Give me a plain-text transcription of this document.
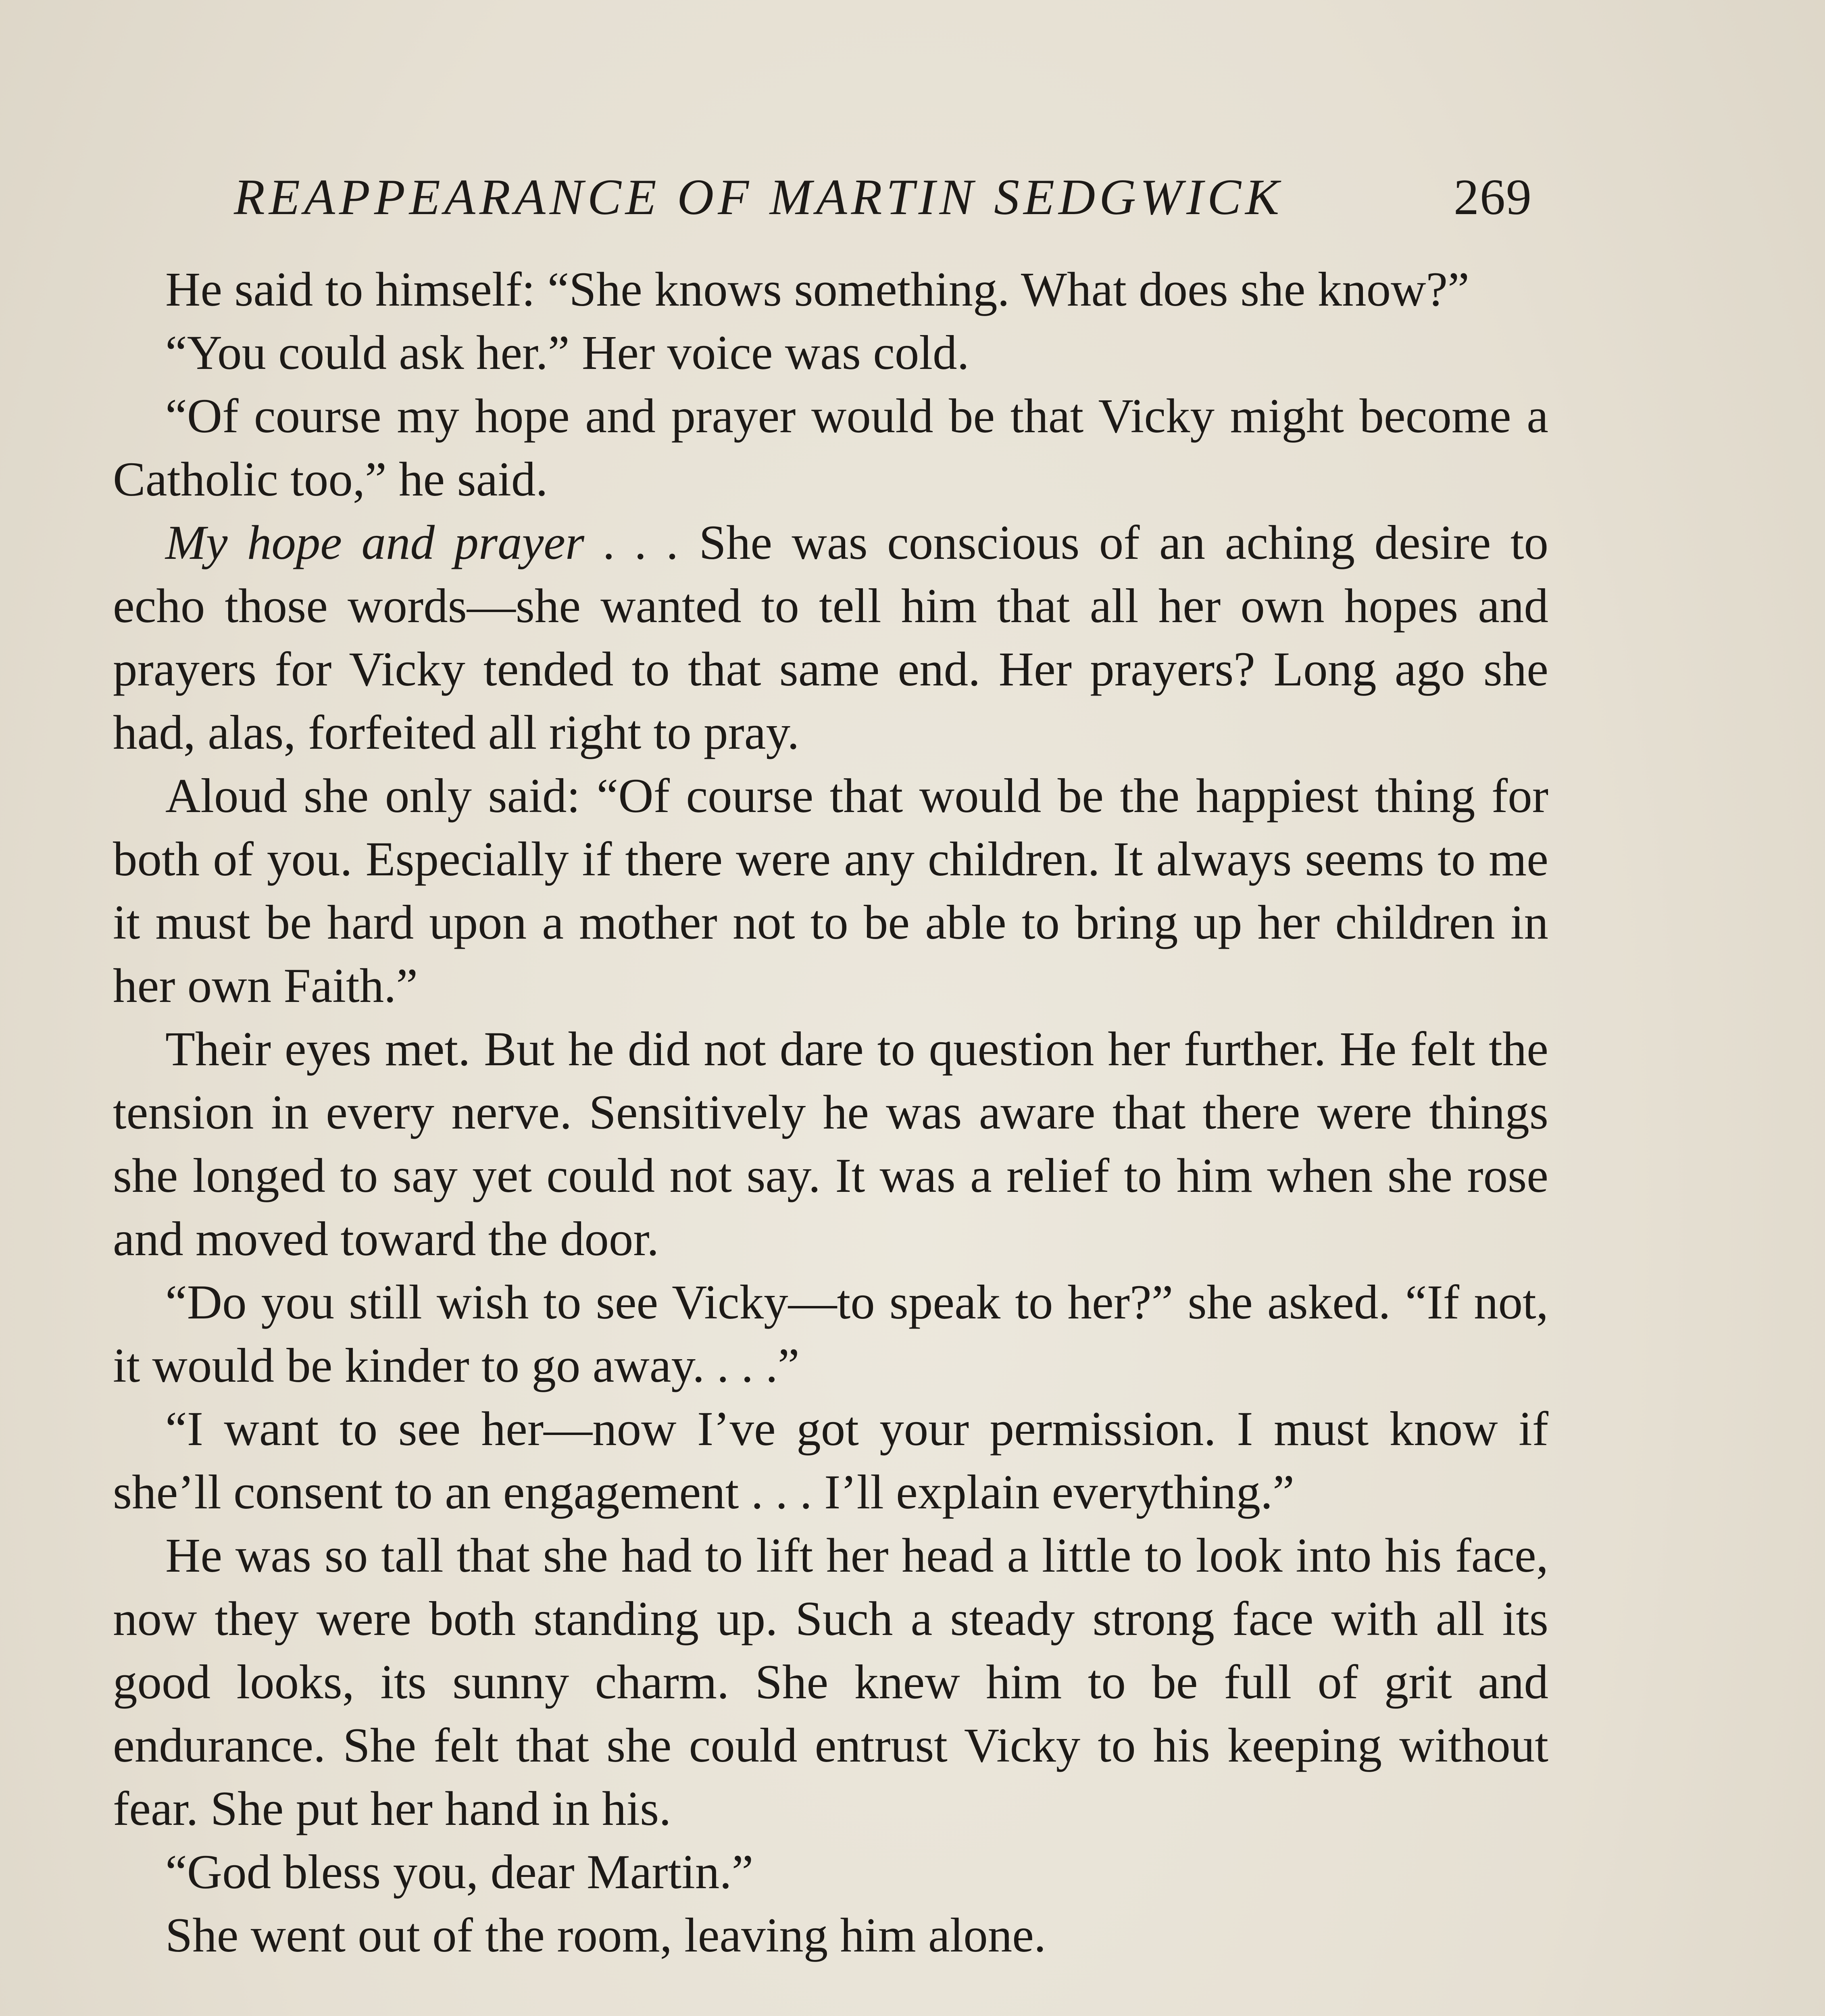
REAPPEARANCE OF MARTIN SEDGWICK	269

He said to himself: “She knows something. What does she know?”

“You could ask her.” Her voice was cold.

“Of course my hope and prayer would be that Vicky might become a Catholic too,” he said.

My hope and prayer . . . She was conscious of an aching desire to echo those words—she wanted to tell him that all her own hopes and prayers for Vicky tended to that same end. Her prayers? Long ago she had, alas, forfeited all right to pray.

Aloud she only said: “Of course that would be the happiest thing for both of you. Especially if there were any children. It always seems to me it must be hard upon a mother not to be able to bring up her children in her own Faith.”

Their eyes met. But he did not dare to question her further. He felt the tension in every nerve. Sensitively he was aware that there were things she longed to say yet could not say. It was a relief to him when she rose and moved toward the door.

“Do you still wish to see Vicky—to speak to her?” she asked. “If not, it would be kinder to go away. . . .”

“I want to see her—now I’ve got your permission. I must know if she’ll consent to an engagement . . . I’ll explain everything.”

He was so tall that she had to lift her head a little to look into his face, now they were both standing up. Such a steady strong face with all its good looks, its sunny charm. She knew him to be full of grit and endurance. She felt that she could entrust Vicky to his keeping without fear. She put her hand in his.

“God bless you, dear Martin.”

She went out of the room, leaving him alone.
